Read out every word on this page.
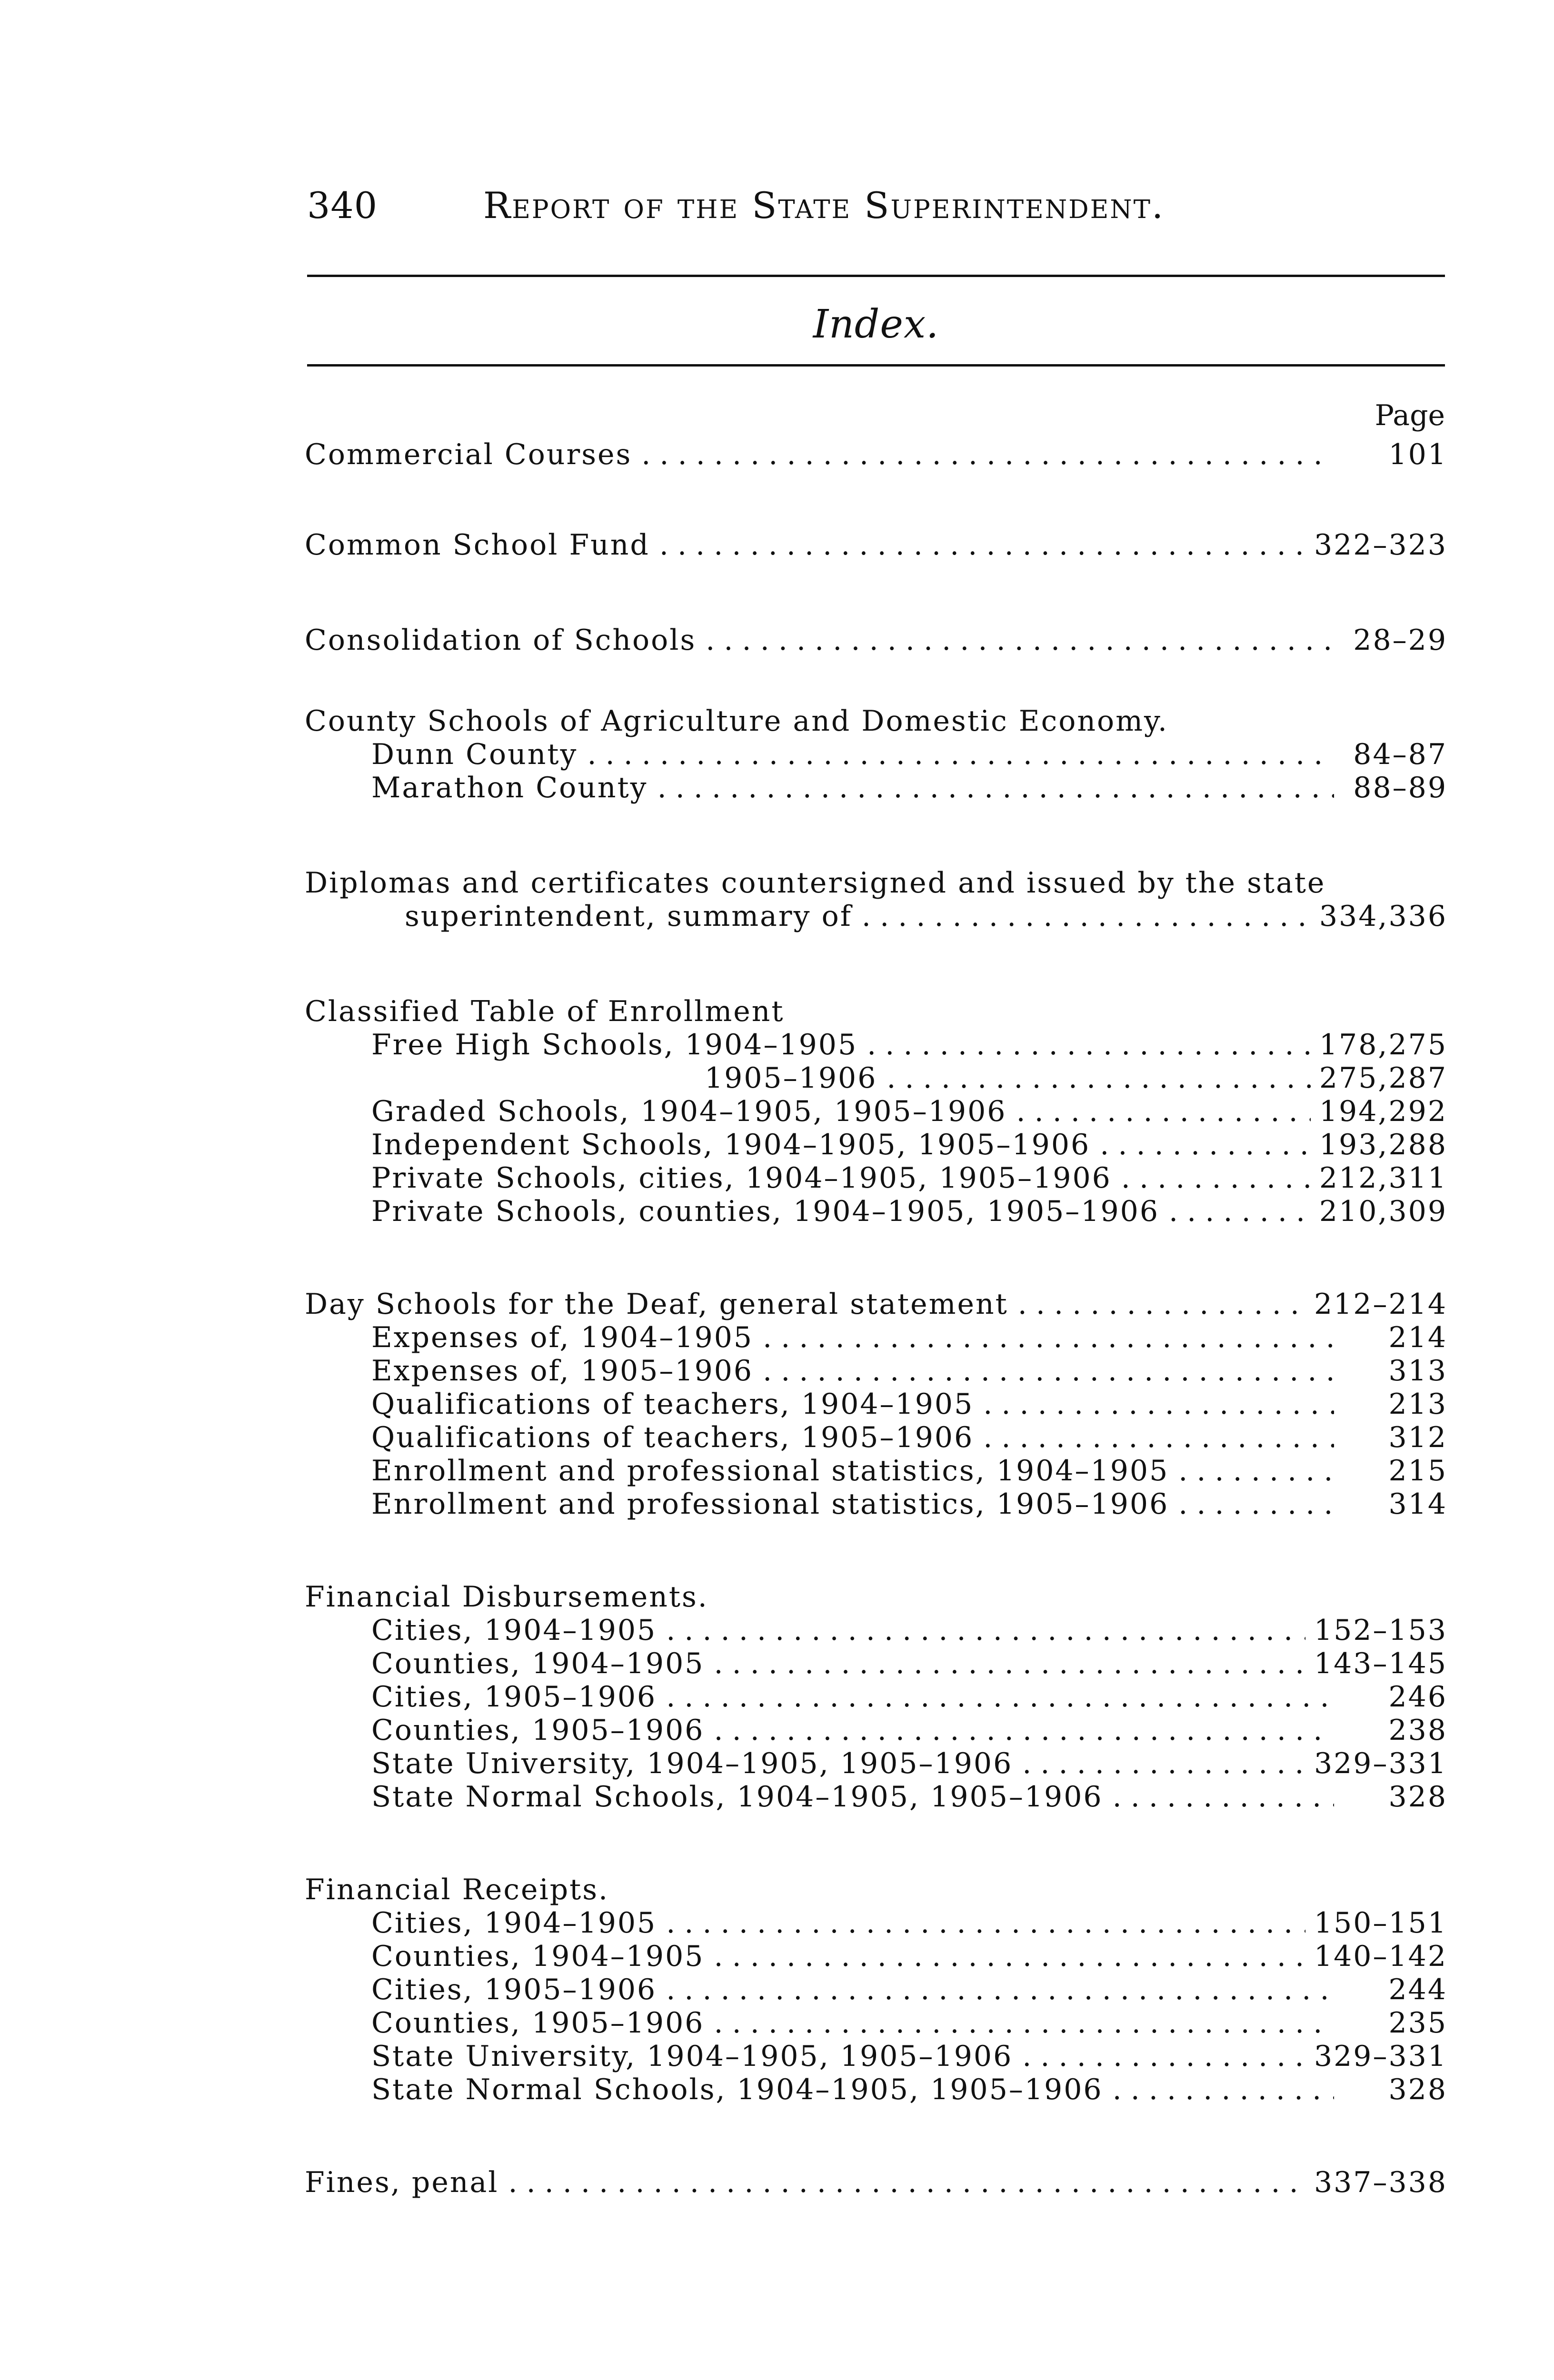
340	Report of the State Superintendent.
Index.
Page
Commercial Courses . . .	101
Common School Fund . . .	322–323
Consolidation of Schools . . .	28–29
County Schools of Agriculture and Domestic Economy.
Dunn County . . .	84–87
Marathon County . . .	88–89
Diplomas and certificates countersigned and issued by the state
superintendent, summary of . . .	334,336
Classified Table of Enrollment
Free High Schools, 1904–1905 . . .	178,275
1905–1906 . . .	275,287
Graded Schools, 1904–1905, 1905–1906 . . .	194,292
Independent Schools, 1904–1905, 1905–1906 . . .	193,288
Private Schools, cities, 1904–1905, 1905–1906 . . .	212,311
Private Schools, counties, 1904–1905, 1905–1906 . . .	210,309
Day Schools for the Deaf, general statement . . .	212–214
Expenses of, 1904–1905 . . .	214
Expenses of, 1905–1906 . . .	313
Qualifications of teachers, 1904–1905 . . .	213
Qualifications of teachers, 1905–1906 . . .	312
Enrollment and professional statistics, 1904–1905 . . .	215
Enrollment and professional statistics, 1905–1906 . . .	314
Financial Disbursements.
Cities, 1904–1905 . . .	152–153
Counties, 1904–1905 . . .	143–145
Cities, 1905–1906 . . .	246
Counties, 1905–1906 . . .	238
State University, 1904–1905, 1905–1906 . . .	329–331
State Normal Schools, 1904–1905, 1905–1906 . . .	328
Financial Receipts.
Cities, 1904–1905 . . .	150–151
Counties, 1904–1905 . . .	140–142
Cities, 1905–1906 . . .	244
Counties, 1905–1906 . . .	235
State University, 1904–1905, 1905–1906 . . .	329–331
State Normal Schools, 1904–1905, 1905–1906 . . .	328
Fines, penal . . .	337–338
